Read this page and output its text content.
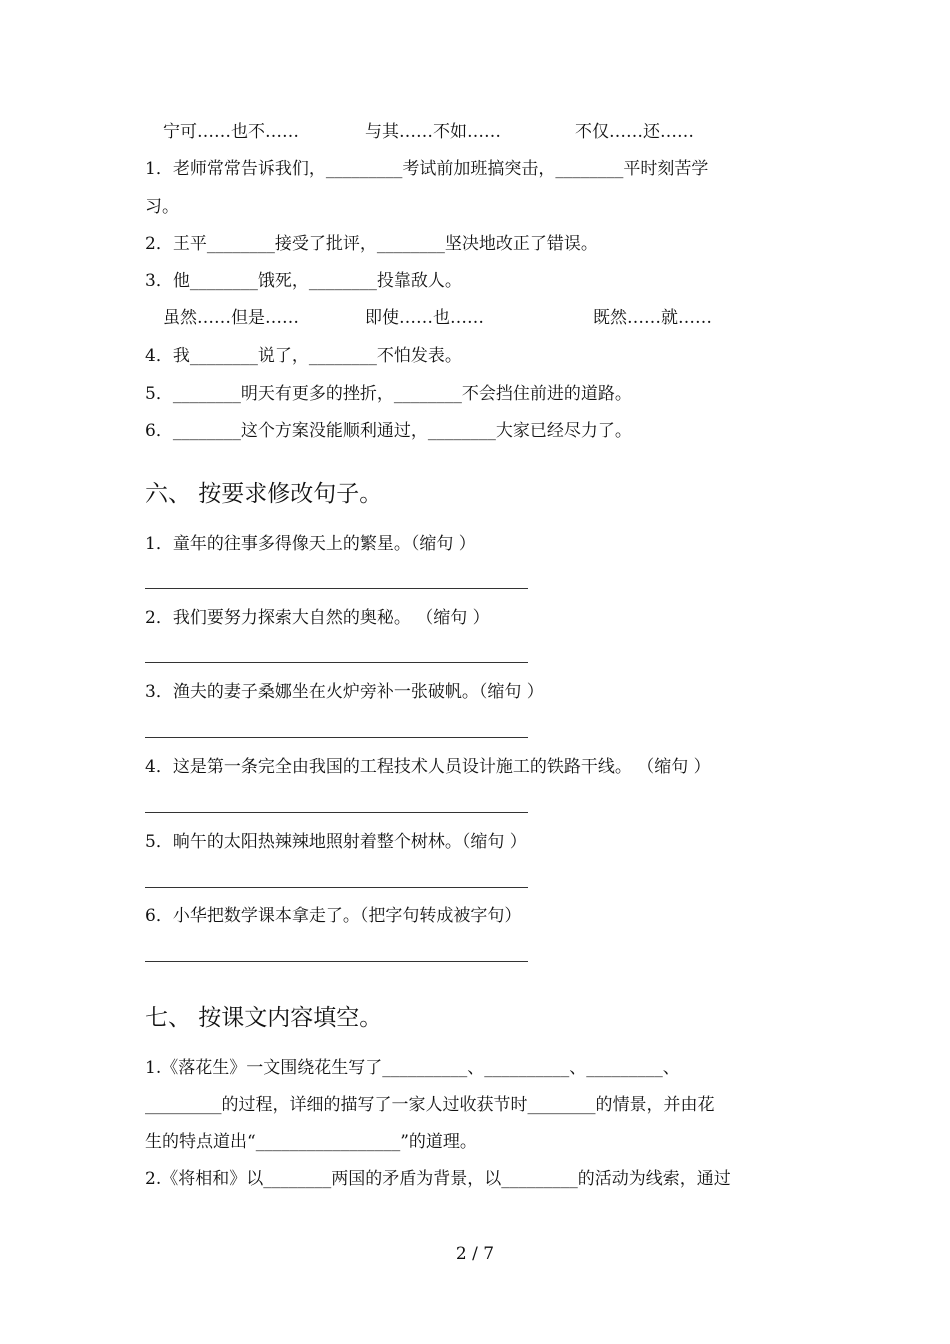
宁可……也不……	与其……不如……	不仅……还……
1．老师常常告诉我们，_________考试前加班搞突击，________平时刻苦学
习。
2．王平________接受了批评，________坚决地改正了错误。
3．他________饿死，________投靠敌人。
虽然……但是……	即使……也……	既然……就……
4．我________说了，________不怕发表。
5．________明天有更多的挫折，________不会挡住前进的道路。
6．________这个方案没能顺利通过，________大家已经尽力了。
六、 按要求修改句子。
1．童年的往事多得像天上的繁星。（缩句 ）
2．我们要努力探索大自然的奥秘。 （缩句 ）
3．渔夫的妻子桑娜坐在火炉旁补一张破帆。（缩句 ）
4．这是第一条完全由我国的工程技术人员设计施工的铁路干线。 （缩句 ）
5．晌午的太阳热辣辣地照射着整个树林。（缩句 ）
6．小华把数学课本拿走了。（把字句转成被字句）
七、 按课文内容填空。
1.《落花生》一文围绕花生写了__________、__________、_________、
_________的过程，详细的描写了一家人过收获节时________的情景，并由花
生的特点道出“_________________”的道理。
2.《将相和》以________两国的矛盾为背景，以_________的活动为线索，通过
2 / 7
